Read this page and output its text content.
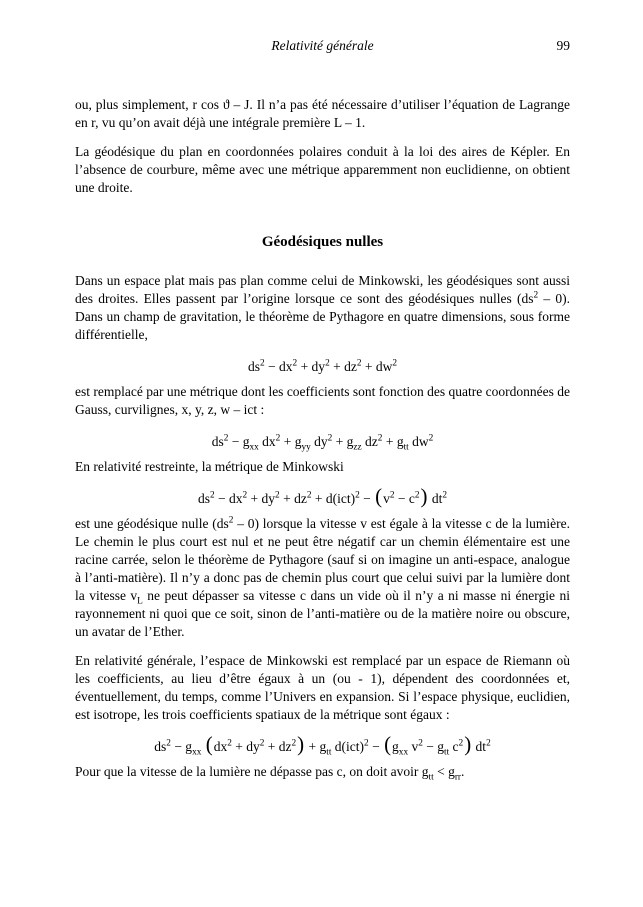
Relativité générale	99

ou, plus simplement, r cos ϑ – J. Il n’a pas été nécessaire d’utiliser l’équation de Lagrange en r, vu qu’on avait déjà une intégrale première L – 1.

La géodésique du plan en coordonnées polaires conduit à la loi des aires de Képler. En l’absence de courbure, même avec une métrique apparemment non euclidienne, on obtient une droite.

Géodésiques nulles

Dans un espace plat mais pas plan comme celui de Minkowski, les géodésiques sont aussi des droites. Elles passent par l’origine lorsque ce sont des géodésiques nulles $(ds^2 - 0)$. Dans un champ de gravitation, le théorème de Pythagore en quatre dimensions, sous forme différentielle,

$ds^2 - dx^2 + dy^2 + dz^2 + dw^2$

est remplacé par une métrique dont les coefficients sont fonction des quatre coordonnées de Gauss, curvilignes, x, y, z, w – ict :

$ds^2 - g_{xx}$ $dx^2 + g_{yy}$ $dy^2 + g_{zz}$ $dz^2 + g_{tt}$ $dw^2$

En relativité restreinte, la métrique de Minkowski

$ds^2 - dx^2 + dy^2 + dz^2 + d(ict)^2 - (v^2 - c^2)$ $dt^2$

est une géodésique nulle $(ds^2 - 0)$ lorsque la vitesse v est égale à la vitesse c de la lumière. Le chemin le plus court est nul et ne peut être négatif car un chemin élémentaire est une racine carrée, selon le théorème de Pythagore (sauf si on imagine un anti-espace, analogue à l’anti-matière). Il n’y a donc pas de chemin plus court que celui suivi par la lumière dont la vitesse $v_L$ ne peut dépasser sa vitesse c dans un vide où il n’y a ni masse ni énergie ni rayonnement ni quoi que ce soit, sinon de l’anti-matière ou de la matière noire ou obscure, un avatar de l’Ether.

En relativité générale, l’espace de Minkowski est remplacé par un espace de Riemann où les coefficients, au lieu d’être égaux à un (ou - 1), dépendent des coordonnées et, éventuellement, du temps, comme l’Univers en expansion. Si l’espace physique, euclidien, est isotrope, les trois coefficients spatiaux de la métrique sont égaux :

$ds^2 - g_{xx}$ $(dx^2 + dy^2 + dz^2) + g_{tt}$ $d(ict)^2 - (g_{xx}$ $v^2 - g_{tt}$ $c^2$) $dt^2$

Pour que la vitesse de la lumière ne dépasse pas c, on doit avoir $g_{tt} < g_{rr}$.
